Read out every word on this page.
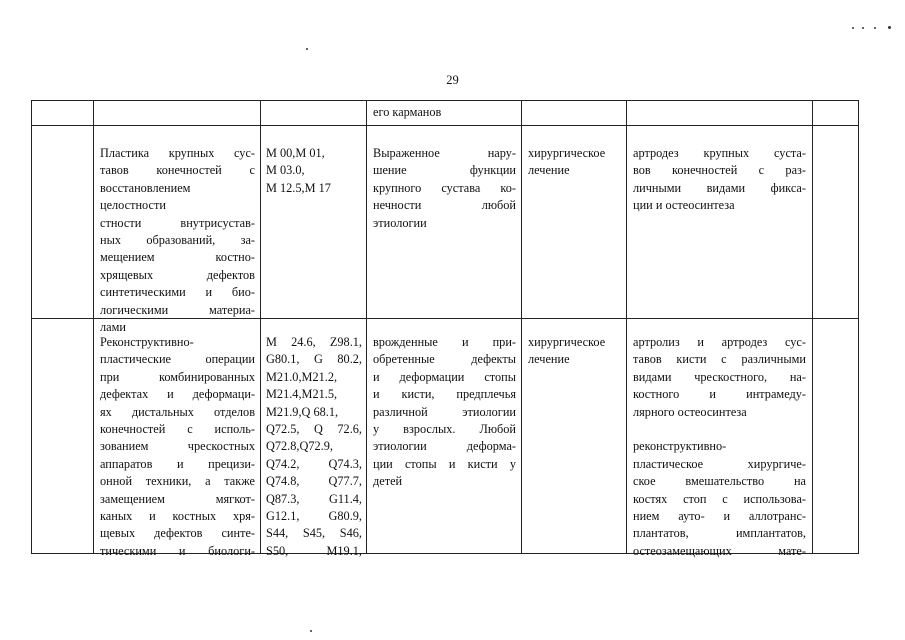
29
его карманов
Пластика крупных сус-
тавов конечностей с
восстановлением целостности
стности внутрисустав-
ных образований, за-
мещением костно-
хрящевых дефектов
синтетическими и био-
логическими материа-
лами
M 00,M 01,
M 03.0,
M 12.5,M 17
Выраженное нару-
шение функции
крупного сустава ко-
нечности любой
этиологии
хирургическое
лечение
артродез крупных суста-
вов конечностей с раз-
личными видами фикса-
ции и остеосинтеза
Реконструктивно-
пластические операции
при комбинированных
дефектах и деформаци-
ях дистальных отделов
конечностей с исполь-
зованием чрескостных
аппаратов и прецизи-
онной техники, а также
замещением мягкот-
каных и костных хря-
щевых дефектов синте-
тическими и биологи-
M 24.6, Z98.1,
G80.1, G 80.2,
M21.0,M21.2,
M21.4,M21.5,
M21.9,Q 68.1,
Q72.5, Q 72.6,
Q72.8,Q72.9,
Q74.2, Q74.3,
Q74.8, Q77.7,
Q87.3, G11.4,
G12.1, G80.9,
S44, S45, S46,
S50, M19.1,
врожденные и при-
обретенные дефекты
и деформации стопы
и кисти, предплечья
различной этиологии
у взрослых. Любой
этиологии деформа-
ции стопы и кисти у
детей
хирургическое
лечение
артролиз и артродез сус-
тавов кисти с различными
видами чрескостного, на-
костного и интрамеду-
лярного остеосинтеза
реконструктивно-
пластическое хирургиче-
ское вмешательство на
костях стоп с использова-
нием ауто- и аллотранс-
плантатов, имплантатов,
остеозамещающих мате-
